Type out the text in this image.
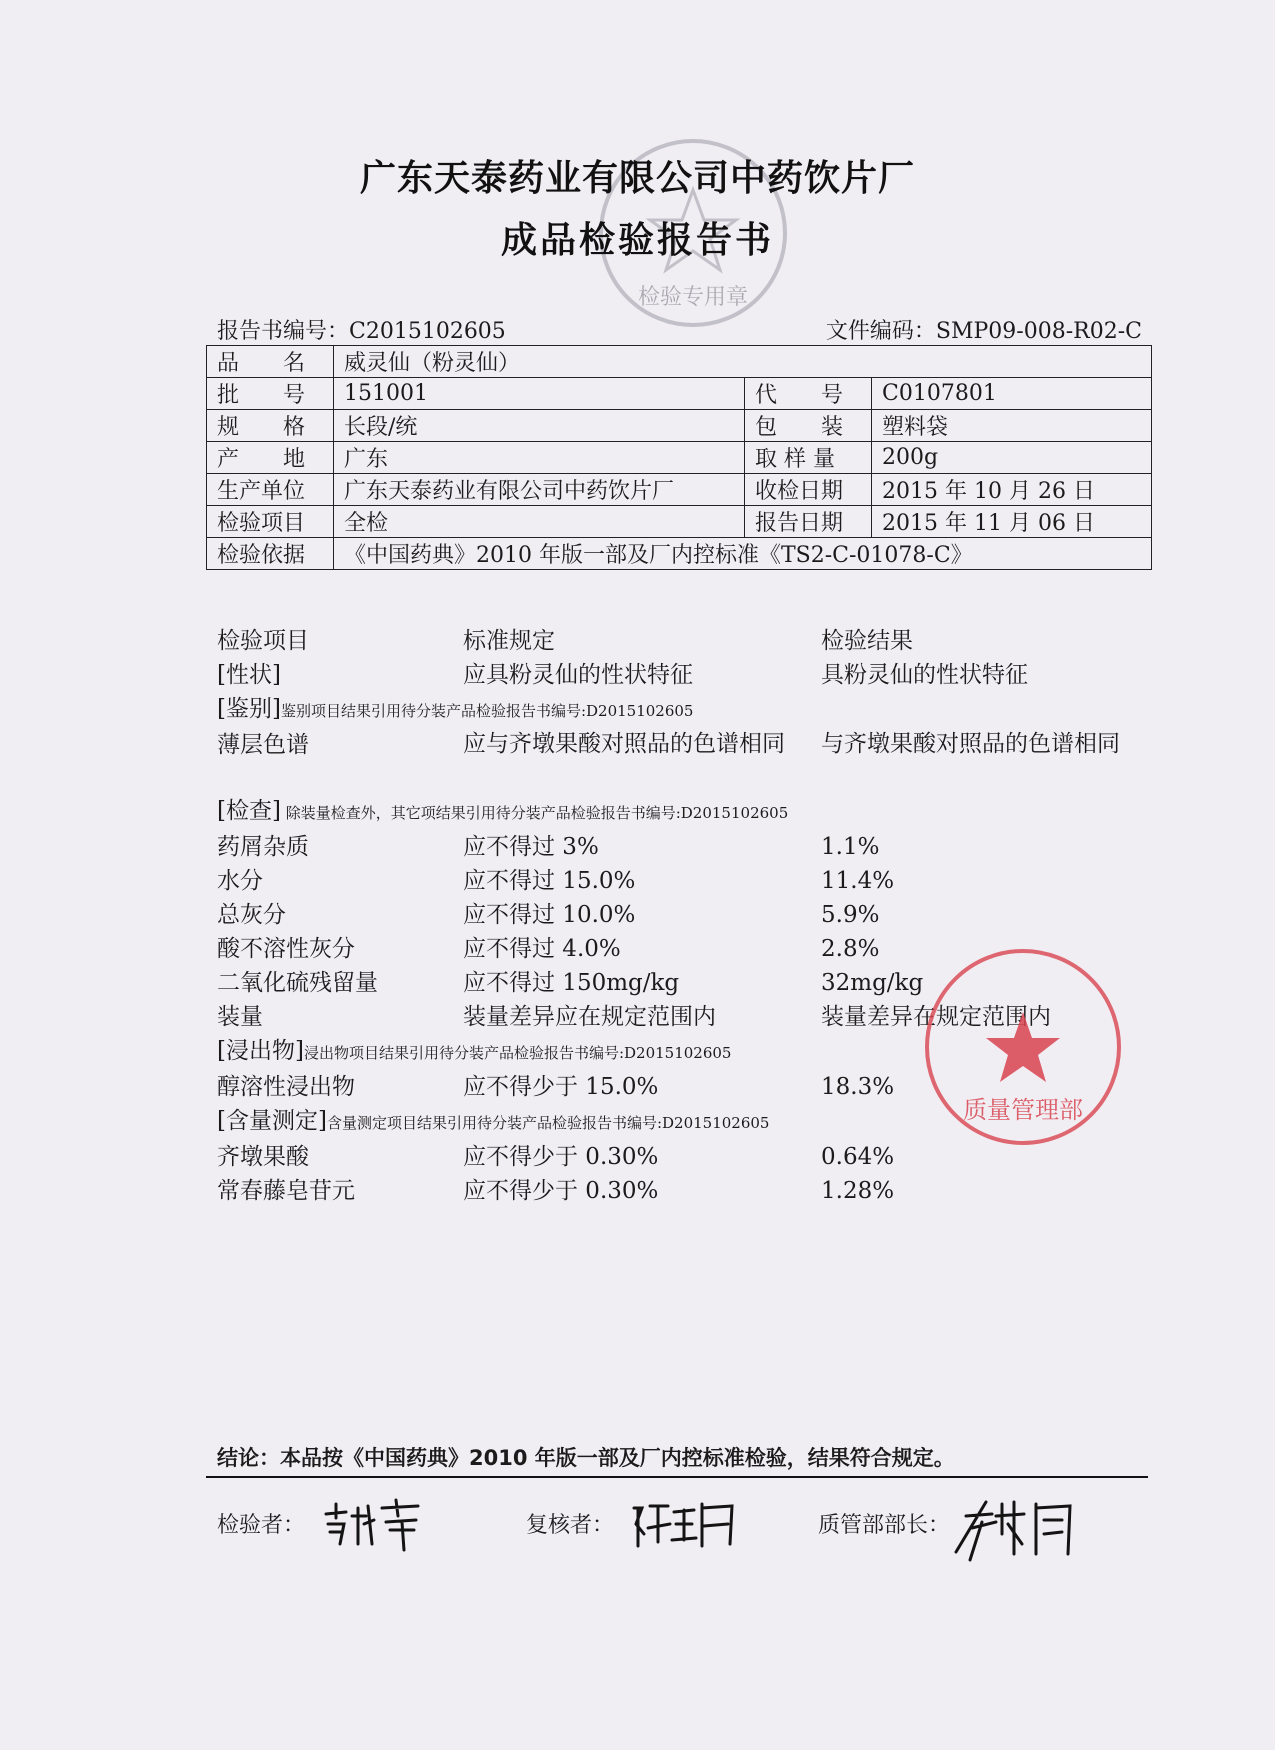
检验专用章
广东天泰药业有限公司中药饮片厂
成品检验报告书
报告书编号：C2015102605	文件编码：SMP09-008-R02-C
品　　名	威灵仙（粉灵仙）		
批　　号	151001	代　　号	C0107801
规　　格	长段/统	包　　装	塑料袋
产　　地	广东	取 样 量	200g
生产单位	广东天泰药业有限公司中药饮片厂	收检日期	2015 年 10 月 26 日
检验项目	全检	报告日期	2015 年 11 月 06 日
检验依据	《中国药典》2010 年版一部及厂内控标准《TS2-C-01078-C》		
检验项目	标准规定	检验结果
[性状]	应具粉灵仙的性状特征	具粉灵仙的性状特征
[鉴别]鉴别项目结果引用待分装产品检验报告书编号:D2015102605
薄层色谱	应与齐墩果酸对照品的色谱相同	与齐墩果酸对照品的色谱相同
[检查] 除装量检查外，其它项结果引用待分装产品检验报告书编号:D2015102605
药屑杂质	应不得过 3%	1.1%
水分	应不得过 15.0%	11.4%
总灰分	应不得过 10.0%	5.9%
酸不溶性灰分	应不得过 4.0%	2.8%
二氧化硫残留量	应不得过 150mg/kg	32mg/kg
装量	装量差异应在规定范围内	装量差异在规定范围内
[浸出物]浸出物项目结果引用待分装产品检验报告书编号:D2015102605
醇溶性浸出物	应不得少于 15.0%	18.3%
[含量测定]含量测定项目结果引用待分装产品检验报告书编号:D2015102605
齐墩果酸	应不得少于 0.30%	0.64%
常春藤皂苷元	应不得少于 0.30%	1.28%
质量管理部
结论：本品按《中国药典》2010 年版一部及厂内控标准检验，结果符合规定。
检验者：	复核者：	质管部部长：
